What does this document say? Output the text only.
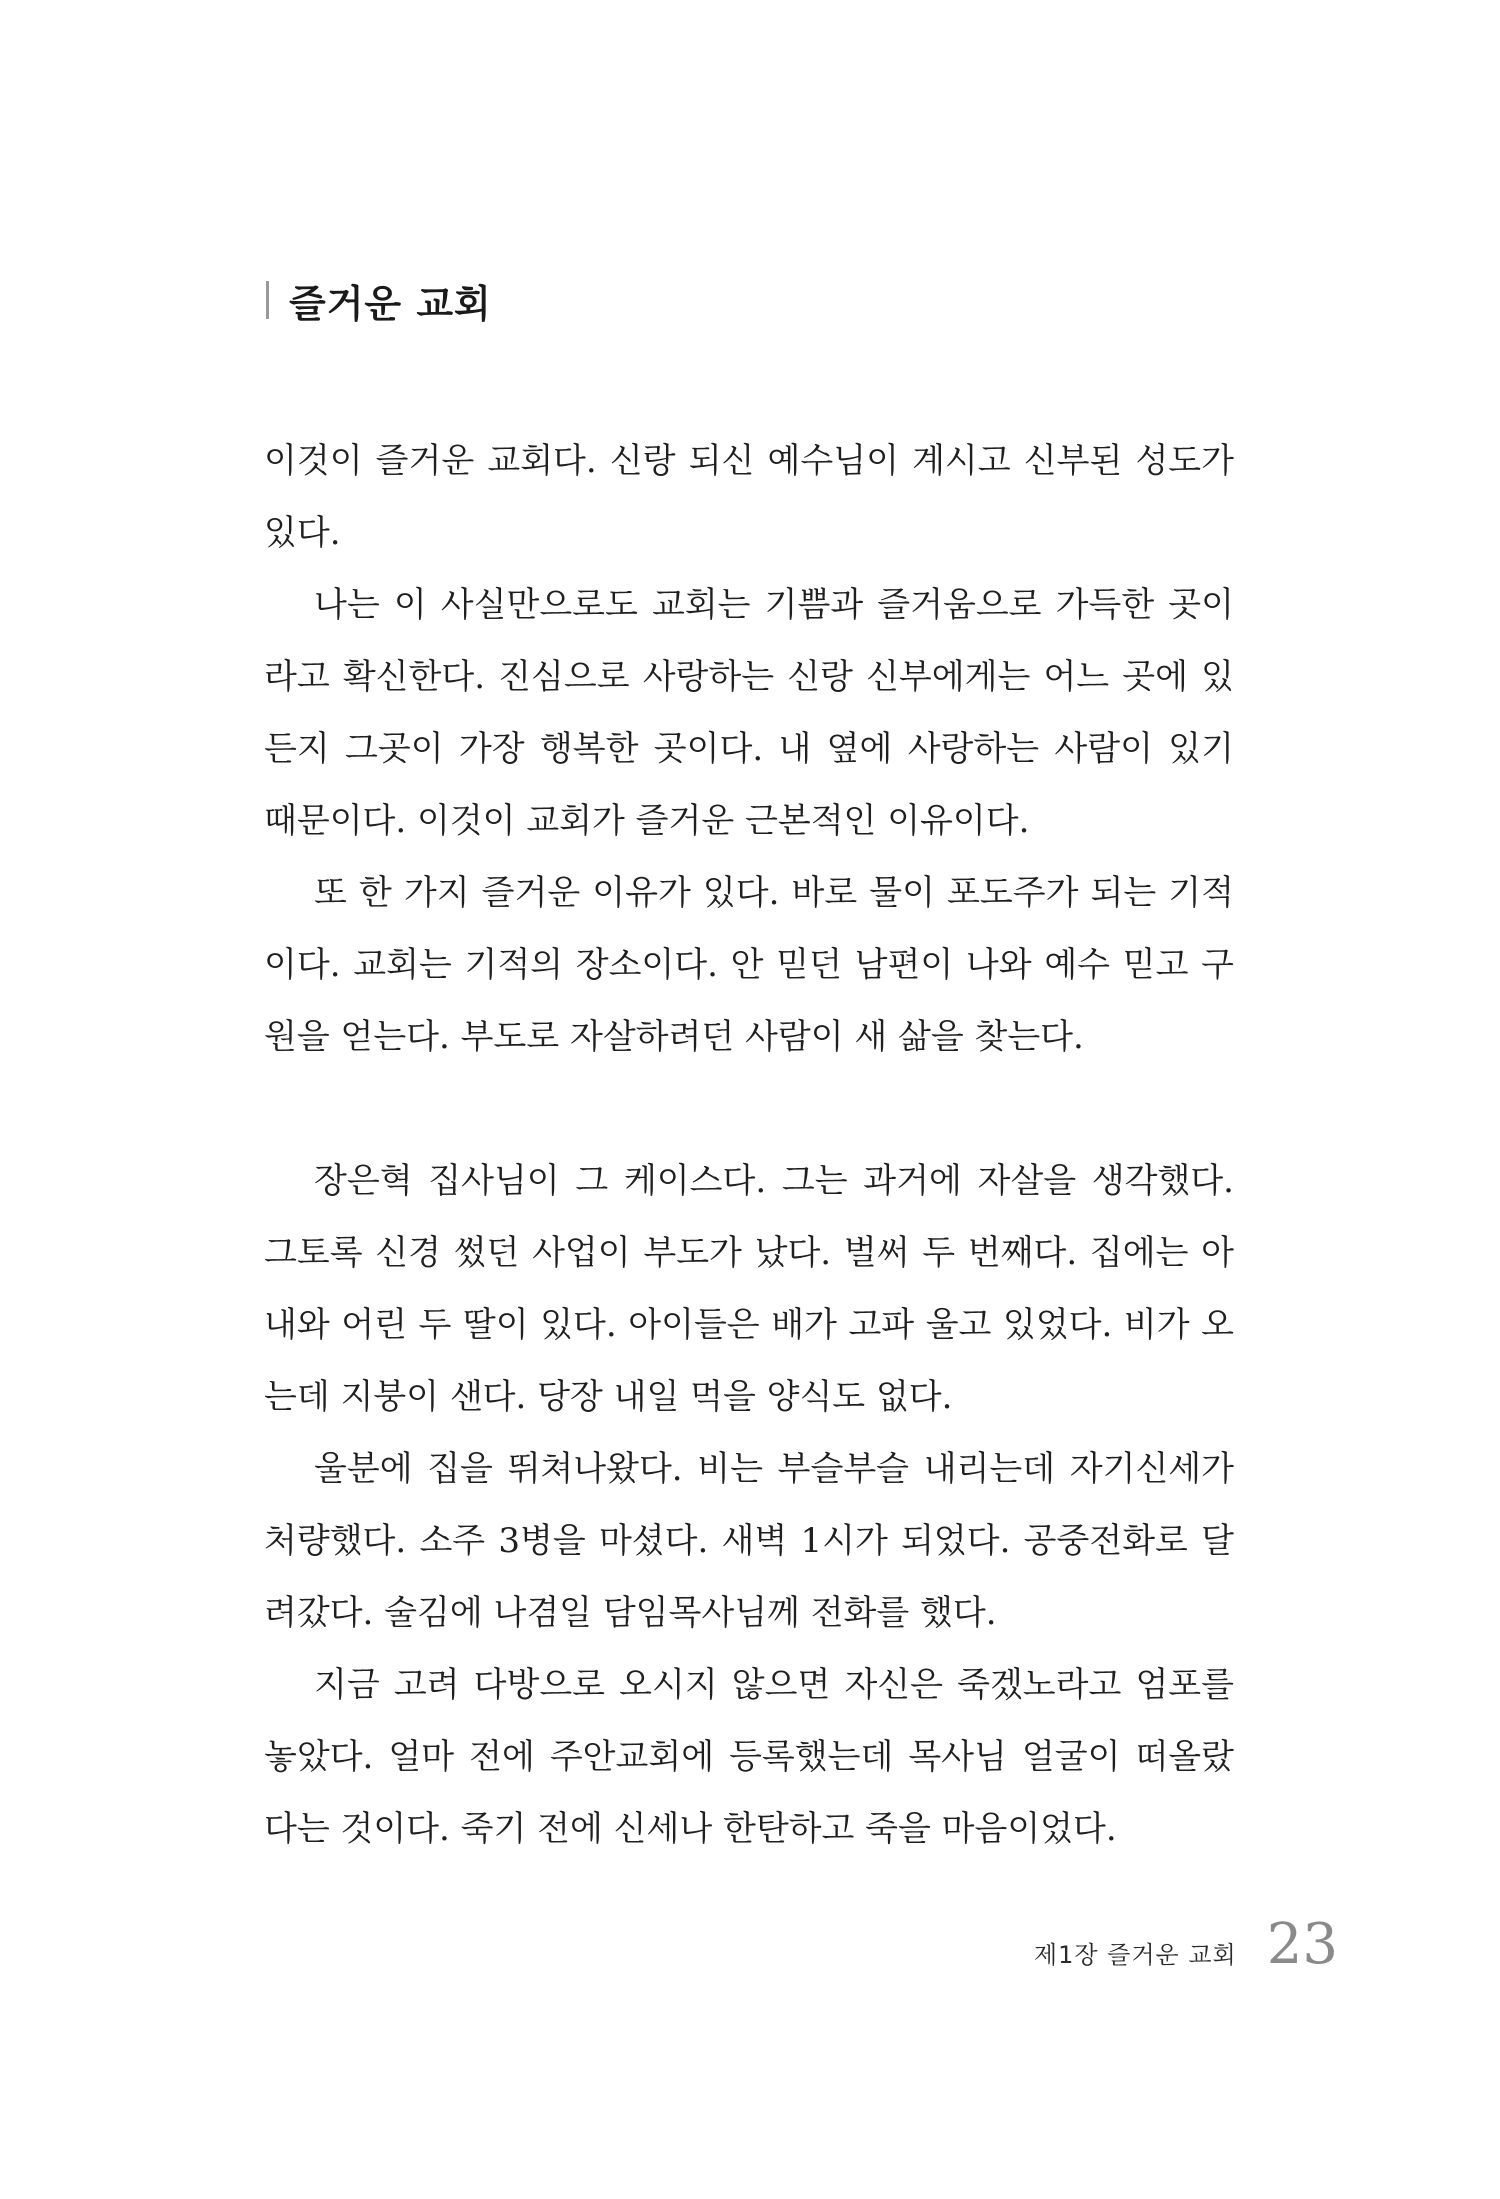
즐거운 교회

이것이 즐거운 교회다. 신랑 되신 예수님이 계시고 신부된 성도가 있다.

나는 이 사실만으로도 교회는 기쁨과 즐거움으로 가득한 곳이라고 확신한다. 진심으로 사랑하는 신랑 신부에게는 어느 곳에 있든지 그곳이 가장 행복한 곳이다. 내 옆에 사랑하는 사람이 있기 때문이다. 이것이 교회가 즐거운 근본적인 이유이다.

또 한 가지 즐거운 이유가 있다. 바로 물이 포도주가 되는 기적이다. 교회는 기적의 장소이다. 안 믿던 남편이 나와 예수 믿고 구원을 얻는다. 부도로 자살하려던 사람이 새 삶을 찾는다.

장은혁 집사님이 그 케이스다. 그는 과거에 자살을 생각했다. 그토록 신경 썼던 사업이 부도가 났다. 벌써 두 번째다. 집에는 아내와 어린 두 딸이 있다. 아이들은 배가 고파 울고 있었다. 비가 오는데 지붕이 샌다. 당장 내일 먹을 양식도 없다.

울분에 집을 뛰쳐나왔다. 비는 부슬부슬 내리는데 자기신세가 처량했다. 소주 3병을 마셨다. 새벽 1시가 되었다. 공중전화로 달려갔다. 술김에 나겸일 담임목사님께 전화를 했다.

지금 고려 다방으로 오시지 않으면 자신은 죽겠노라고 엄포를 놓았다. 얼마 전에 주안교회에 등록했는데 목사님 얼굴이 떠올랐다는 것이다. 죽기 전에 신세나 한탄하고 죽을 마음이었다.

제1장 즐거운 교회 23
